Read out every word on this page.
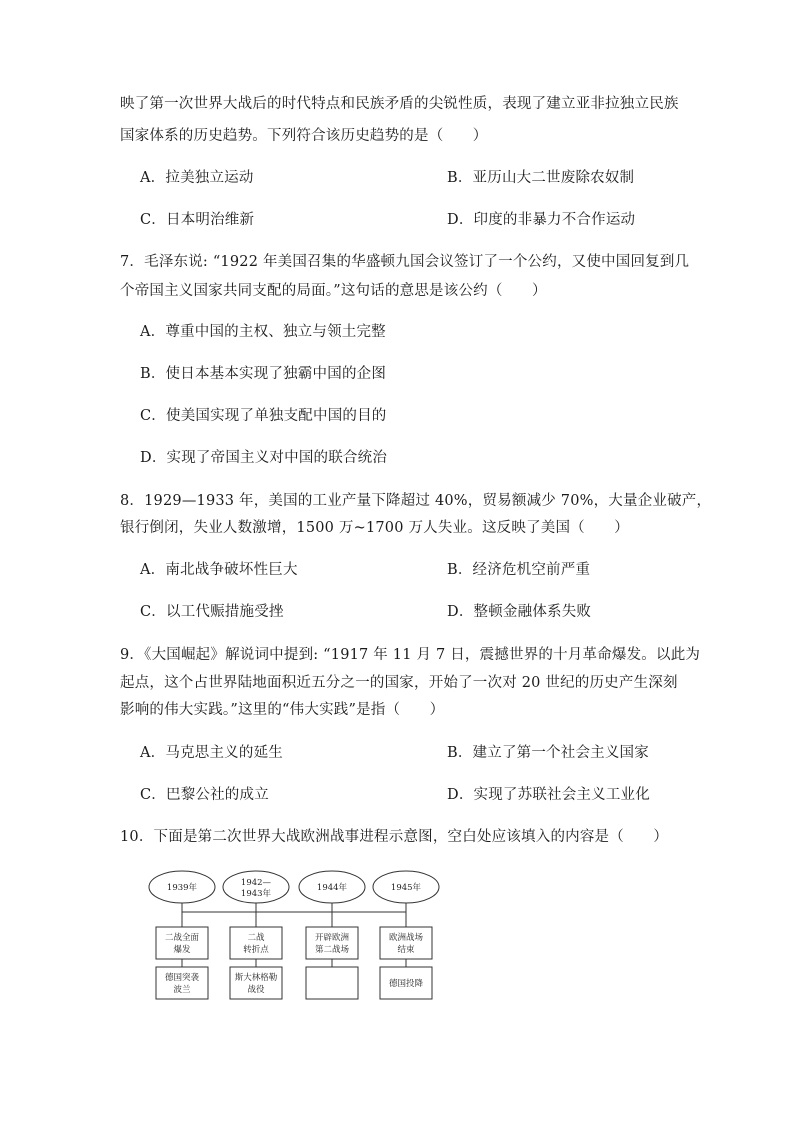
映了第一次世界大战后的时代特点和民族矛盾的尖锐性质，表现了建立亚非拉独立民族
国家体系的历史趋势。下列符合该历史趋势的是（　　）
A．拉美独立运动	B．亚历山大二世废除农奴制
C．日本明治维新	D．印度的非暴力不合作运动
7．毛泽东说: “1922 年美国召集的华盛顿九国会议签订了一个公约，又使中国回复到几
个帝国主义国家共同支配的局面。”这句话的意思是该公约（　　）
A．尊重中国的主权、独立与领土完整
B．使日本基本实现了独霸中国的企图
C．使美国实现了单独支配中国的目的
D．实现了帝国主义对中国的联合统治
8．1929—1933 年，美国的工业产量下降超过 40%，贸易额减少 70%，大量企业破产，
银行倒闭，失业人数激增，1500 万~1700 万人失业。这反映了美国（　　）
A．南北战争破坏性巨大	B．经济危机空前严重
C．以工代赈措施受挫	D．整顿金融体系失败
9．《大国崛起》解说词中提到: “1917 年 11 月 7 日，震撼世界的十月革命爆发。以此为
起点，这个占世界陆地面积近五分之一的国家，开始了一次对 20 世纪的历史产生深刻
影响的伟大实践。”这里的“伟大实践”是指（　　）
A．马克思主义的延生	B．建立了第一个社会主义国家
C．巴黎公社的成立	D．实现了苏联社会主义工业化
10．下面是第二次世界大战欧洲战事进程示意图，空白处应该填入的内容是（　　）
1939年
二战全面
爆发
德国突袭
波兰
1942—
1943年
二战
转折点
斯大林格勒
战役
1944年
开辟欧洲
第二战场
1945年
欧洲战场
结束
德国投降
